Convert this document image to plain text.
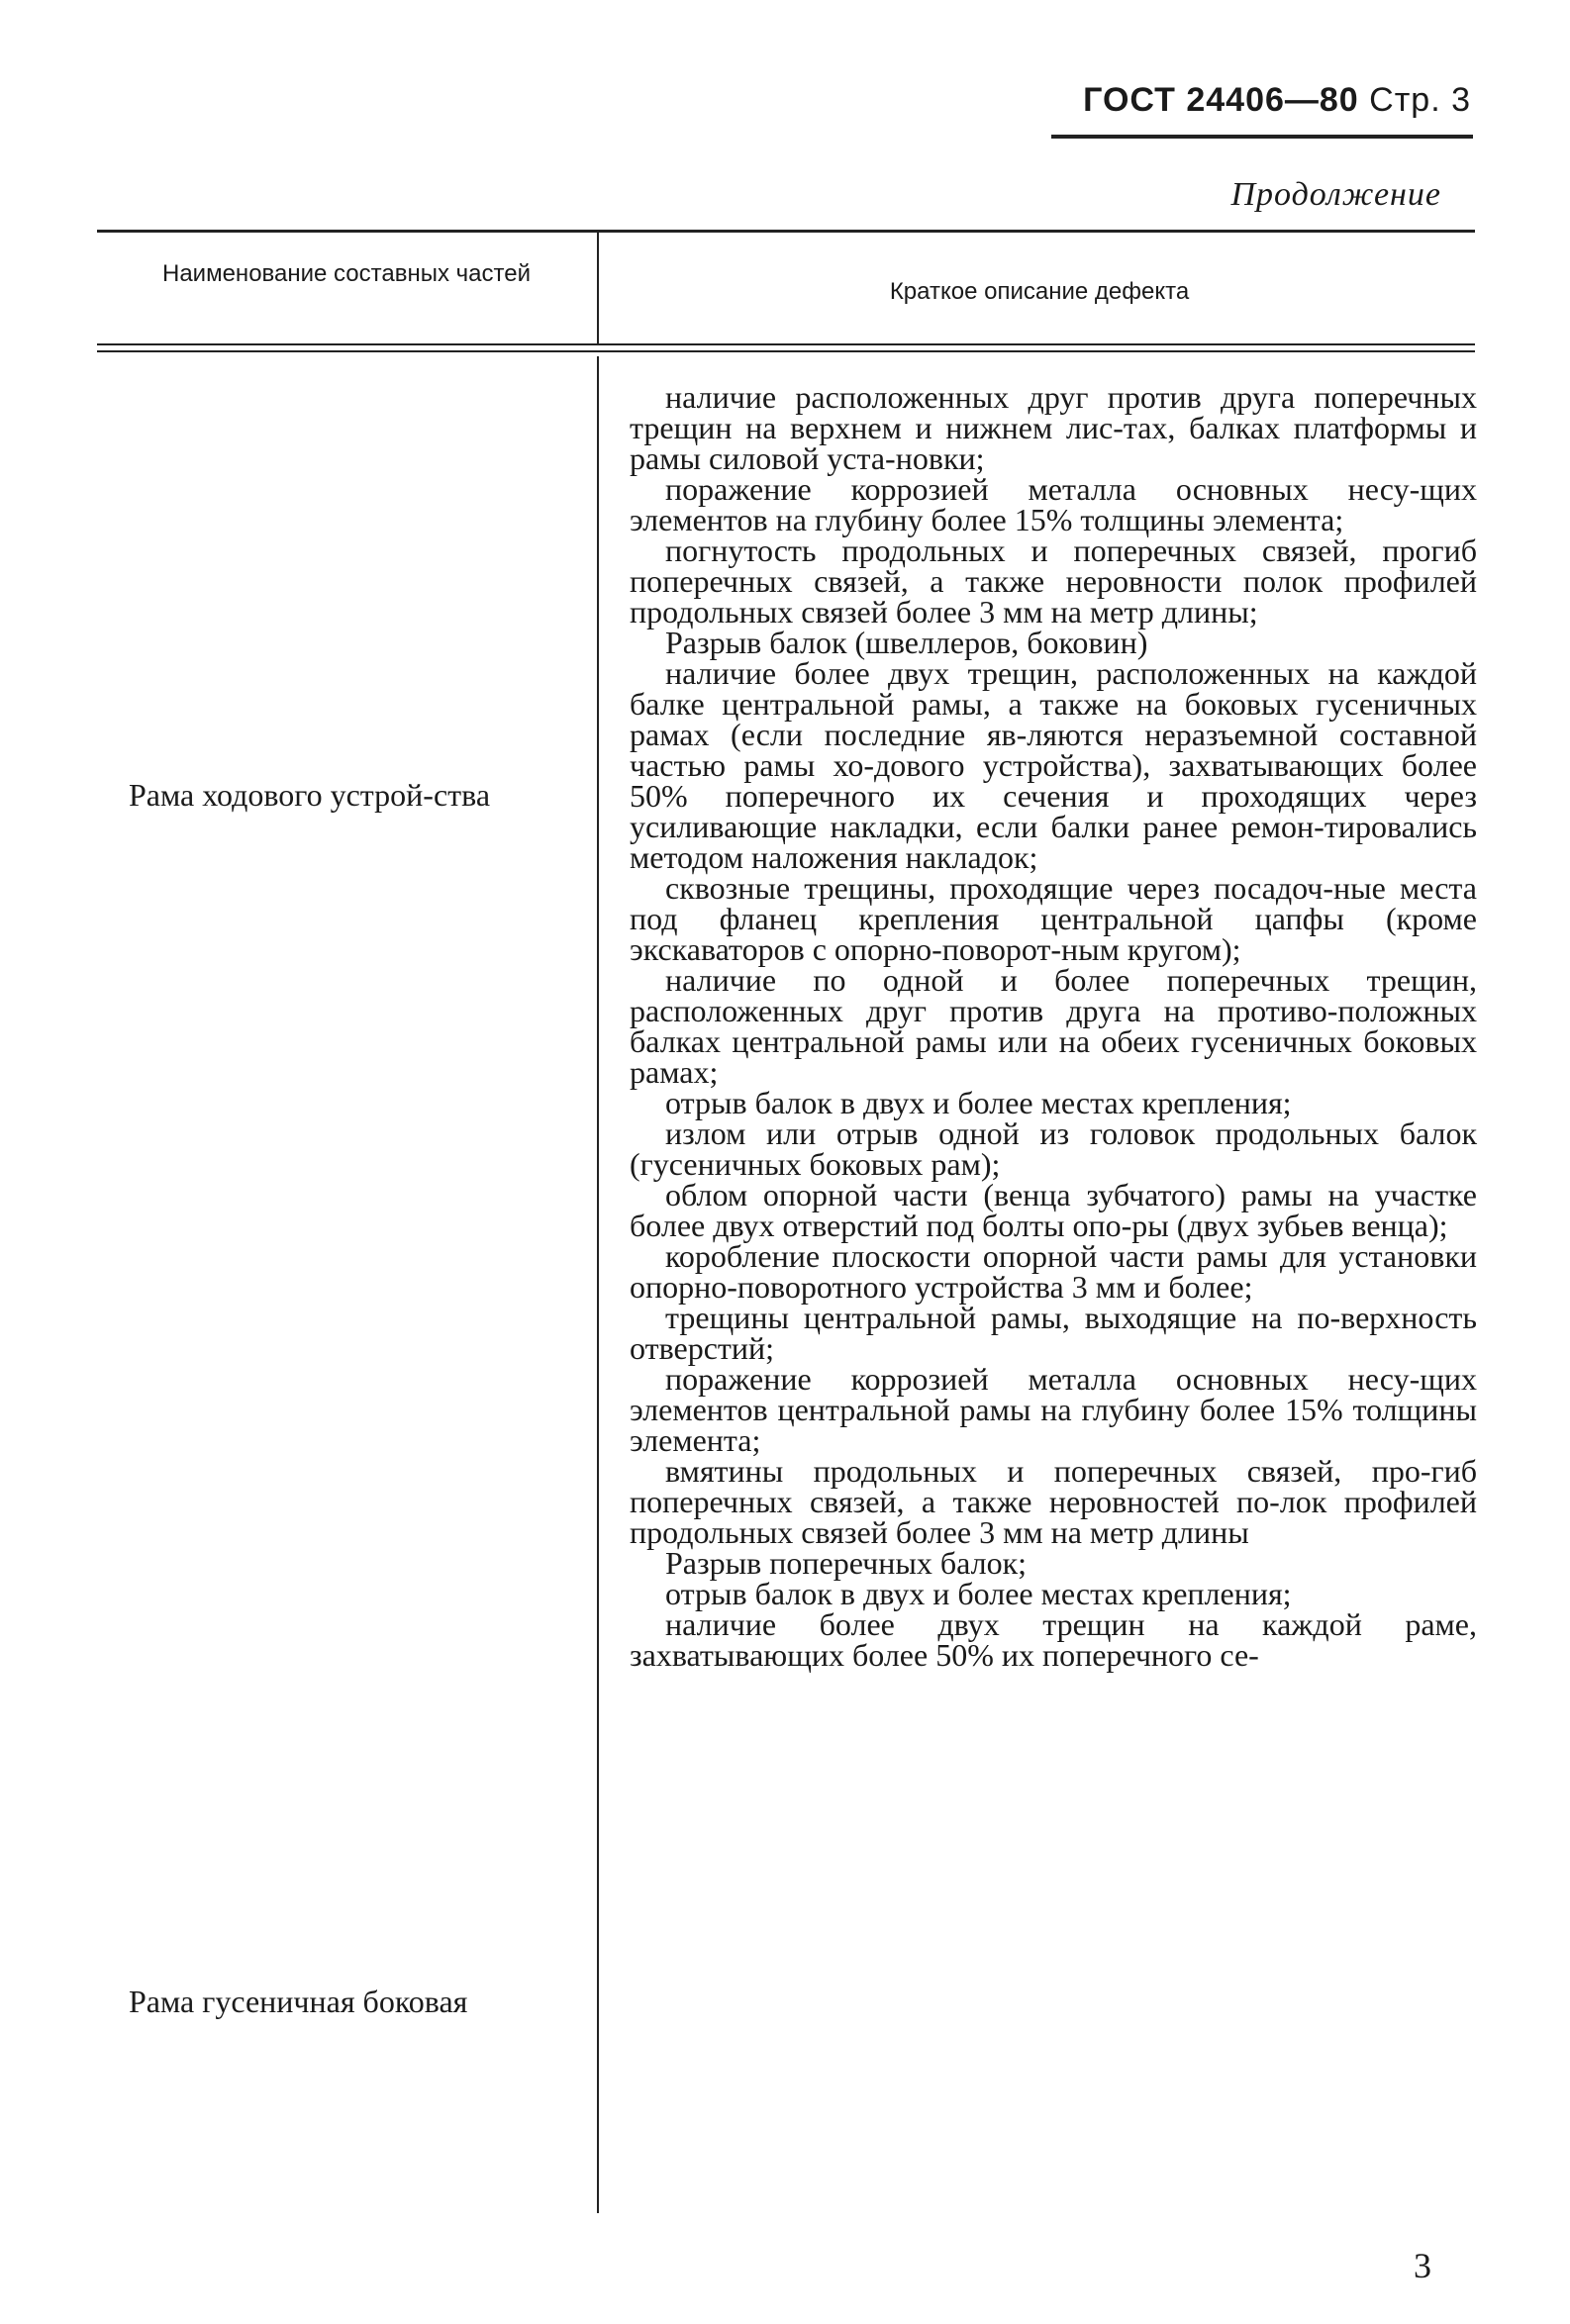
ГОСТ 24406—80 Стр. 3
Продолжение
Наименование составных частей
Краткое описание дефекта
Рама ходового устрой-ства
Рама гусеничная боковая

наличие расположенных друг против друга поперечных трещин на верхнем и нижнем лис-тах, балках платформы и рамы силовой уста-новки;

поражение коррозией металла основных несу-щих элементов на глубину более 15% толщины элемента;

погнутость продольных и поперечных связей, прогиб поперечных связей, а также неровности полок профилей продольных связей более 3 мм на метр длины;

Разрыв балок (швеллеров, боковин)

наличие более двух трещин, расположенных на каждой балке центральной рамы, а также на боковых гусеничных рамах (если последние яв-ляются неразъемной составной частью рамы хо-дового устройства), захватывающих более 50% поперечного их сечения и проходящих через усиливающие накладки, если балки ранее ремон-тировались методом наложения накладок;

сквозные трещины, проходящие через посадоч-ные места под фланец крепления центральной цапфы (кроме экскаваторов с опорно-поворот-ным кругом);

наличие по одной и более поперечных трещин, расположенных друг против друга на противо-положных балках центральной рамы или на обеих гусеничных боковых рамах;

отрыв балок в двух и более местах крепления;

излом или отрыв одной из головок продольных балок (гусеничных боковых рам);

облом опорной части (венца зубчатого) рамы на участке более двух отверстий под болты опо-ры (двух зубьев венца);

коробление плоскости опорной части рамы для установки опорно-поворотного устройства 3 мм и более;

трещины центральной рамы, выходящие на по-верхность отверстий;

поражение коррозией металла основных несу-щих элементов центральной рамы на глубину более 15% толщины элемента;

вмятины продольных и поперечных связей, про-гиб поперечных связей, а также неровностей по-лок профилей продольных связей более 3 мм на метр длины

Разрыв поперечных балок;

отрыв балок в двух и более местах крепления;

наличие более двух трещин на каждой раме, захватывающих более 50% их поперечного се-

3
